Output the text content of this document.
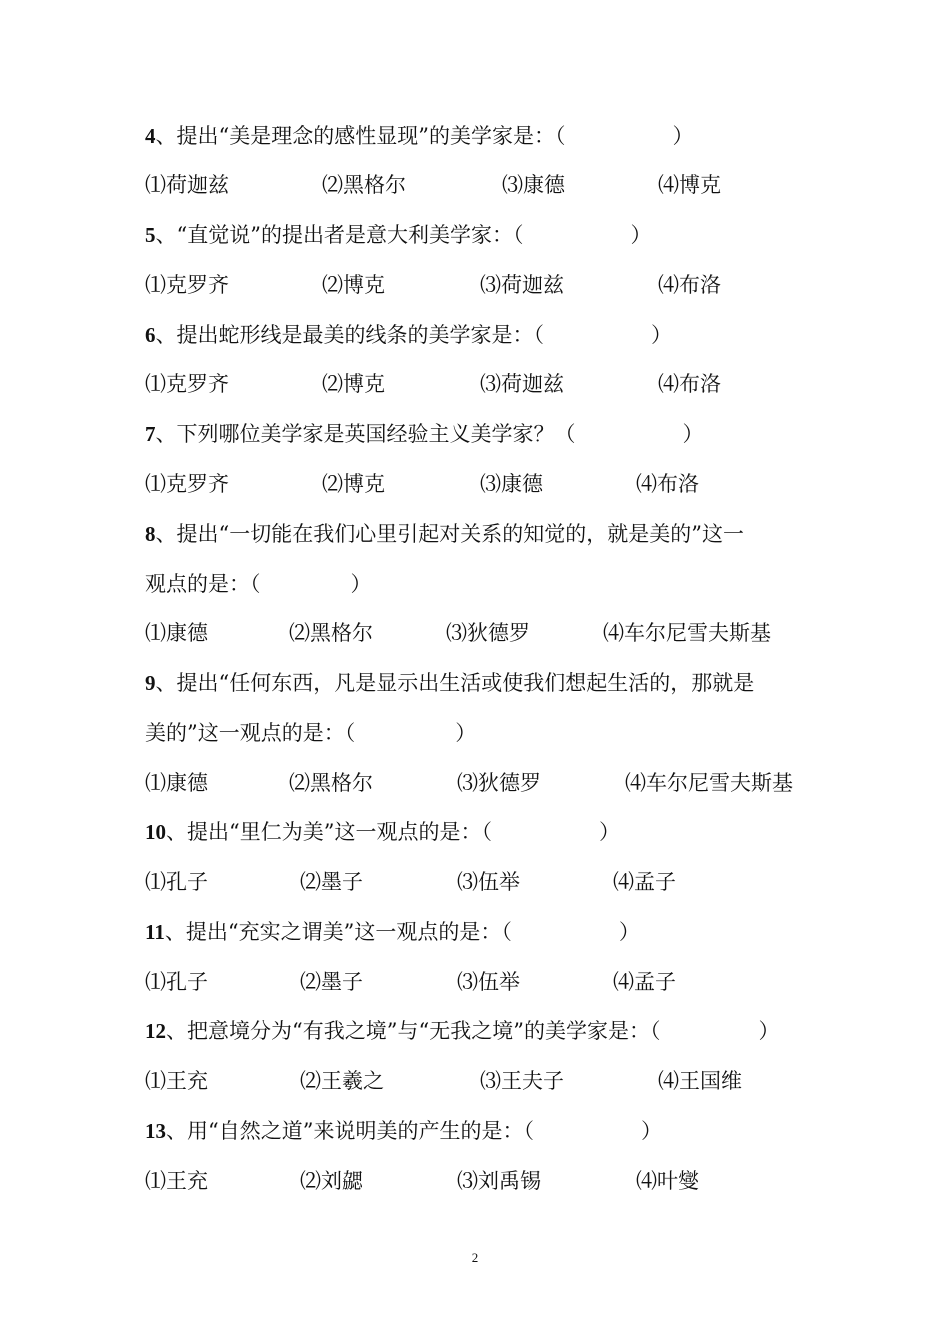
4、提出“美是理念的感性显现”的美学家是：（	）
⑴荷迦兹	⑵黑格尔	⑶康德	⑷博克
5、“直觉说”的提出者是意大利美学家：（	）
⑴克罗齐	⑵博克	⑶荷迦兹	⑷布洛
6、提出蛇形线是最美的线条的美学家是：（	）
⑴克罗齐	⑵博克	⑶荷迦兹	⑷布洛
7、下列哪位美学家是英国经验主义美学家？（	）
⑴克罗齐	⑵博克	⑶康德	⑷布洛
8、提出“一切能在我们心里引起对关系的知觉的，就是美的”这一
观点的是：（	）
⑴康德	⑵黑格尔	⑶狄德罗	⑷车尔尼雪夫斯基
9、提出“任何东西，凡是显示出生活或使我们想起生活的，那就是
美的”这一观点的是：（	）
⑴康德	⑵黑格尔	⑶狄德罗	⑷车尔尼雪夫斯基
10、提出“里仁为美”这一观点的是：（	）
⑴孔子	⑵墨子	⑶伍举	⑷孟子
11、提出“充实之谓美”这一观点的是：（	）
⑴孔子	⑵墨子	⑶伍举	⑷孟子
12、把意境分为“有我之境”与“无我之境”的美学家是：（	）
⑴王充	⑵王羲之	⑶王夫子	⑷王国维
13、用“自然之道”来说明美的产生的是：（	）
⑴王充	⑵刘勰	⑶刘禹锡	⑷叶燮
2
